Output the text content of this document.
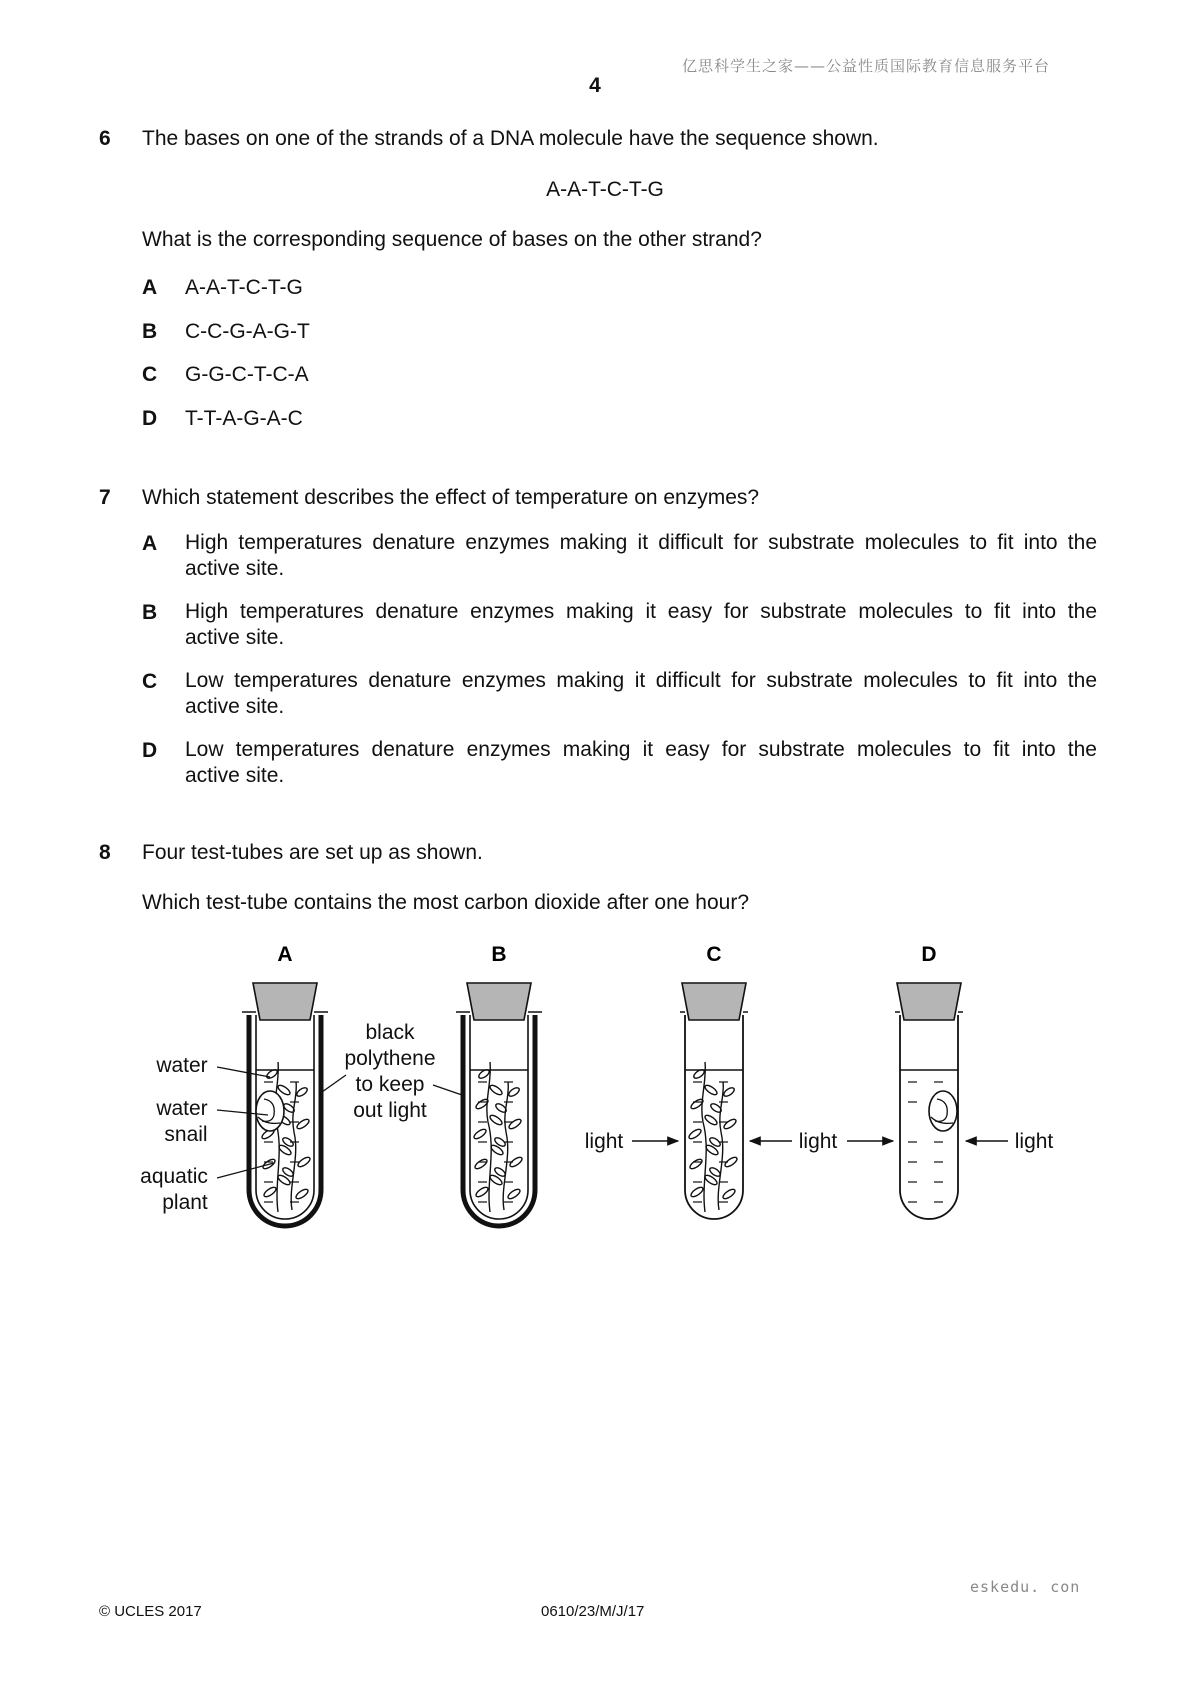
亿思科学生之家——公益性质国际教育信息服务平台
4
6 The bases on one of the strands of a DNA molecule have the sequence shown.
A-A-T-C-T-G
What is the corresponding sequence of bases on the other strand?
A A-A-T-C-T-G
B C-C-G-A-G-T
C G-G-C-T-C-A
D T-T-A-G-A-C
7 Which statement describes the effect of temperature on enzymes?
A High temperatures denature enzymes making it difficult for substrate molecules to fit into the
active site.
B High temperatures denature enzymes making it easy for substrate molecules to fit into the
active site.
C Low temperatures denature enzymes making it difficult for substrate molecules to fit into the
active site.
D Low temperatures denature enzymes making it easy for substrate molecules to fit into the
active site.
8 Four test-tubes are set up as shown.
Which test-tube contains the most carbon dioxide after one hour?
A	B	C	D
water
water
snail
aquatic
plant
black
polythene
to keep
out light
light	light	light
eskedu. con
© UCLES 2017	0610/23/M/J/17
